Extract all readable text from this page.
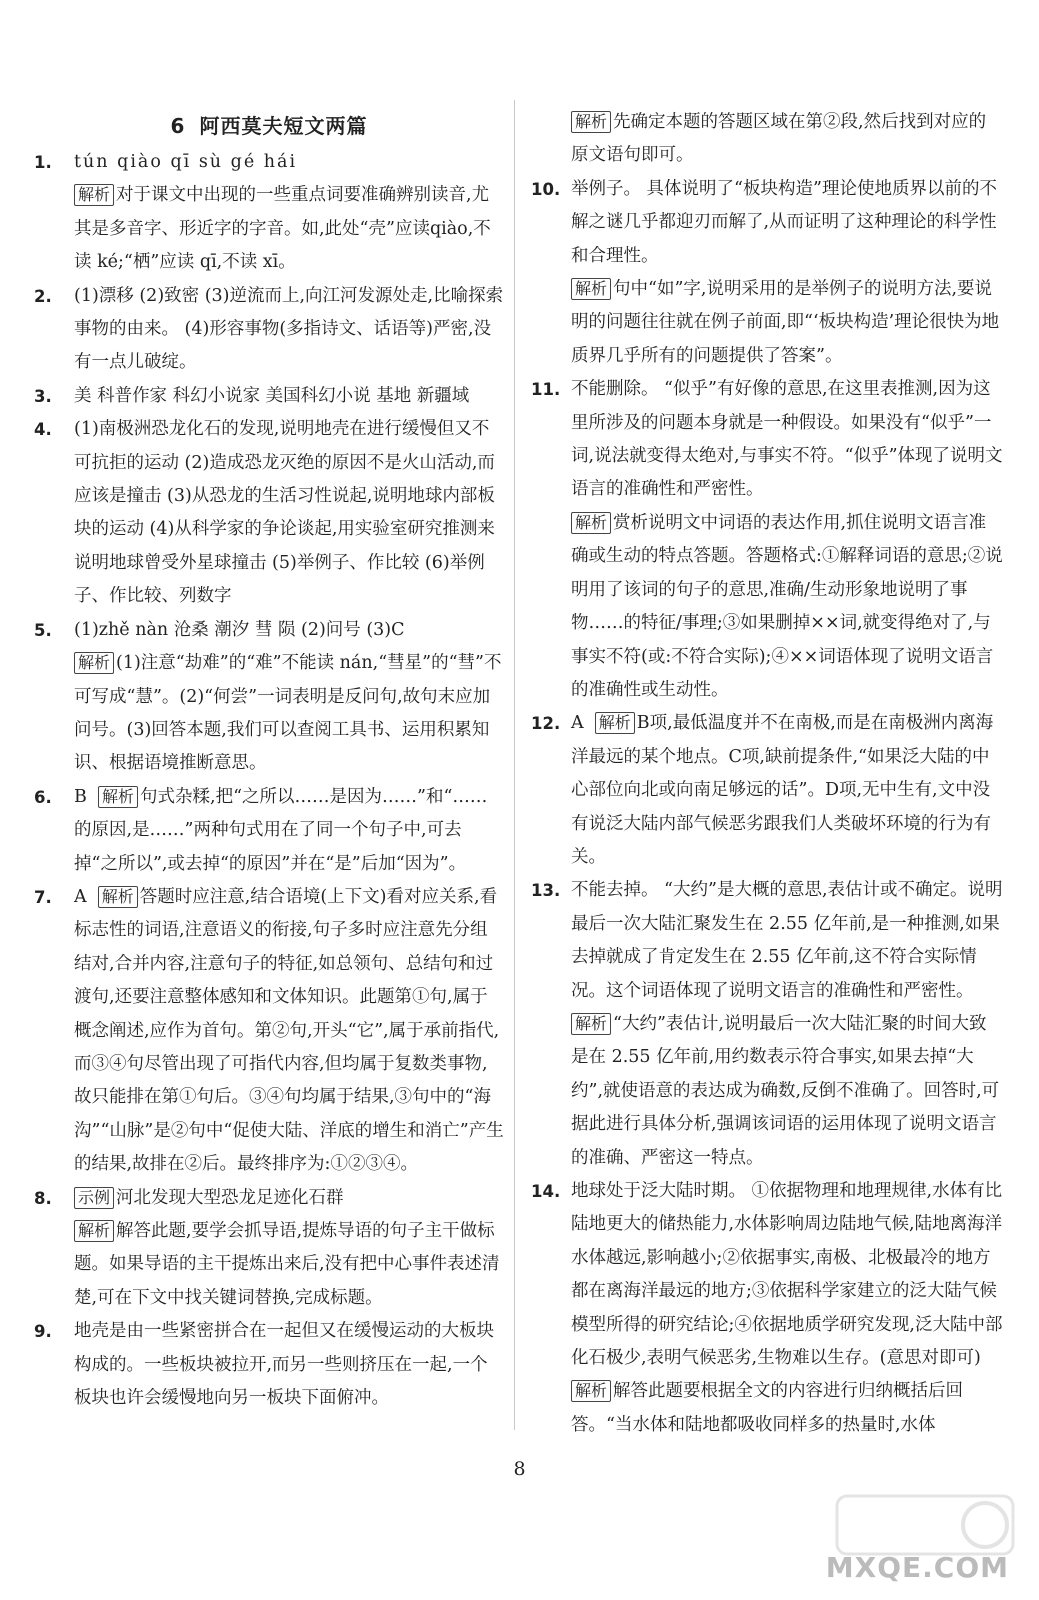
6 阿西莫夫短文两篇
1. tún qiào qī sù gé hái
解析 对于课文中出现的一些重点词要准确辨别读音,尤其是多音字、形近字的字音。如,此处“壳”应读qiào,不读 ké;“栖”应读 qī,不读 xī。
2. (1)漂移 (2)致密 (3)逆流而上,向江河发源处走,比喻探索事物的由来。 (4)形容事物(多指诗文、话语等)严密,没有一点儿破绽。
3. 美 科普作家 科幻小说家 美国科幻小说 基地 新疆域
4. (1)南极洲恐龙化石的发现,说明地壳在进行缓慢但又不可抗拒的运动 (2)造成恐龙灭绝的原因不是火山活动,而应该是撞击 (3)从恐龙的生活习性说起,说明地球内部板块的运动 (4)从科学家的争论谈起,用实验室研究推测来说明地球曾受外星球撞击 (5)举例子、作比较 (6)举例子、作比较、列数字
5. (1)zhě nàn 沧桑 潮汐 彗 陨 (2)问号 (3)C
解析 (1)注意“劫难”的“难”不能读 nán,“彗星”的“彗”不可写成“慧”。(2)“何尝”一词表明是反问句,故句末应加问号。(3)回答本题,我们可以查阅工具书、运用积累知识、根据语境推断意思。
6. B 解析 句式杂糅,把“之所以……是因为……”和“……的原因,是……”两种句式用在了同一个句子中,可去掉“之所以”,或去掉“的原因”并在“是”后加“因为”。
7. A 解析 答题时应注意,结合语境(上下文)看对应关系,看标志性的词语,注意语义的衔接,句子多时应注意先分组结对,合并内容,注意句子的特征,如总领句、总结句和过渡句,还要注意整体感知和文体知识。此题第①句,属于概念阐述,应作为首句。第②句,开头“它”,属于承前指代,而③④句尽管出现了可指代内容,但均属于复数类事物,故只能排在第①句后。③④句均属于结果,③句中的“海沟”“山脉”是②句中“促使大陆、洋底的增生和消亡”产生的结果,故排在②后。最终排序为:①②③④。
8. 示例 河北发现大型恐龙足迹化石群
解析 解答此题,要学会抓导语,提炼导语的句子主干做标题。如果导语的主干提炼出来后,没有把中心事件表述清楚,可在下文中找关键词替换,完成标题。
9. 地壳是由一些紧密拼合在一起但又在缓慢运动的大板块构成的。一些板块被拉开,而另一些则挤压在一起,一个板块也许会缓慢地向另一板块下面俯冲。
解析 先确定本题的答题区域在第②段,然后找到对应的原文语句即可。
10. 举例子。 具体说明了“板块构造”理论使地质界以前的不解之谜几乎都迎刃而解了,从而证明了这种理论的科学性和合理性。
解析 句中“如”字,说明采用的是举例子的说明方法,要说明的问题往往就在例子前面,即“‘板块构造’理论很快为地质界几乎所有的问题提供了答案”。
11. 不能删除。 “似乎”有好像的意思,在这里表推测,因为这里所涉及的问题本身就是一种假设。如果没有“似乎”一词,说法就变得太绝对,与事实不符。“似乎”体现了说明文语言的准确性和严密性。
解析 赏析说明文中词语的表达作用,抓住说明文语言准确或生动的特点答题。答题格式:①解释词语的意思;②说明用了该词的句子的意思,准确/生动形象地说明了事物……的特征/事理;③如果删掉××词,就变得绝对了,与事实不符(或:不符合实际);④××词语体现了说明文语言的准确性或生动性。
12. A 解析 B项,最低温度并不在南极,而是在南极洲内离海洋最远的某个地点。C项,缺前提条件,“如果泛大陆的中心部位向北或向南足够远的话”。D项,无中生有,文中没有说泛大陆内部气候恶劣跟我们人类破坏环境的行为有关。
13. 不能去掉。 “大约”是大概的意思,表估计或不确定。说明最后一次大陆汇聚发生在 2.55 亿年前,是一种推测,如果去掉就成了肯定发生在 2.55 亿年前,这不符合实际情况。这个词语体现了说明文语言的准确性和严密性。
解析 “大约”表估计,说明最后一次大陆汇聚的时间大致是在 2.55 亿年前,用约数表示符合事实,如果去掉“大约”,就使语意的表达成为确数,反倒不准确了。回答时,可据此进行具体分析,强调该词语的运用体现了说明文语言的准确、严密这一特点。
14. 地球处于泛大陆时期。 ①依据物理和地理规律,水体有比陆地更大的储热能力,水体影响周边陆地气候,陆地离海洋水体越远,影响越小;②依据事实,南极、北极最冷的地方都在离海洋最远的地方;③依据科学家建立的泛大陆气候模型所得的研究结论;④依据地质学研究发现,泛大陆中部化石极少,表明气候恶劣,生物难以生存。(意思对即可)
解析 解答此题要根据全文的内容进行归纳概括后回答。“当水体和陆地都吸收同样多的热量时,水体
8
MXQE.COM
